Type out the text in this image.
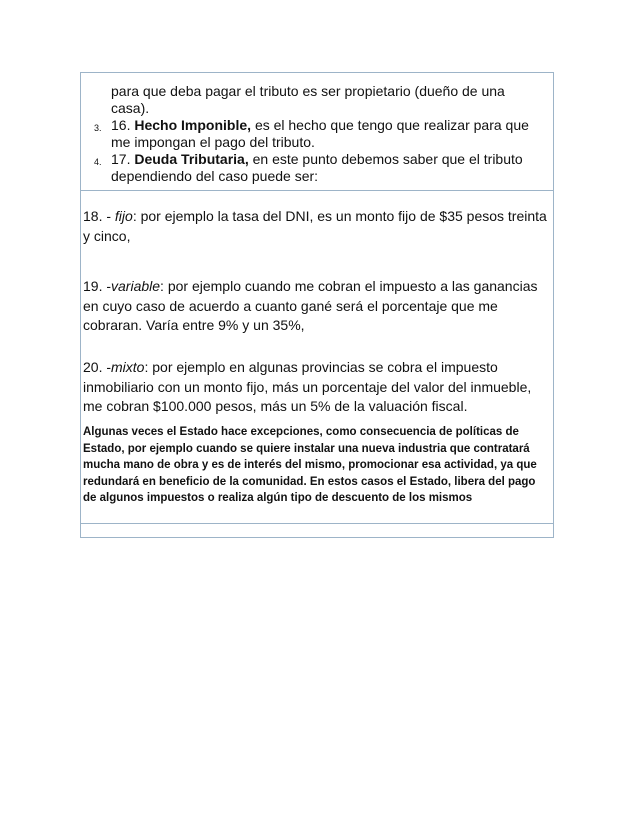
para que deba pagar el tributo es ser propietario (dueño de una casa).
3. 16. Hecho Imponible, es el hecho que tengo que realizar para que me impongan el pago del tributo.
4. 17. Deuda Tributaria, en este punto debemos saber que el tributo dependiendo del caso puede ser:
18. - fijo: por ejemplo la tasa del DNI, es un monto fijo de $35 pesos treinta y cinco,
19. -variable: por ejemplo cuando me cobran el impuesto a las ganancias en cuyo caso de acuerdo a cuanto gané será el porcentaje que me cobraran. Varía entre 9% y un 35%,
20. -mixto: por ejemplo en algunas provincias se cobra el impuesto inmobiliario con un monto fijo, más un porcentaje del valor del inmueble, me cobran $100.000 pesos, más un 5% de la valuación fiscal.
Algunas veces el Estado hace excepciones, como consecuencia de políticas de Estado, por ejemplo cuando se quiere instalar una nueva industria que contratará mucha mano de obra y es de interés del mismo, promocionar esa actividad, ya que redundará en beneficio de la comunidad. En estos casos el Estado, libera del pago de algunos impuestos o realiza algún tipo de descuento de los mismos
